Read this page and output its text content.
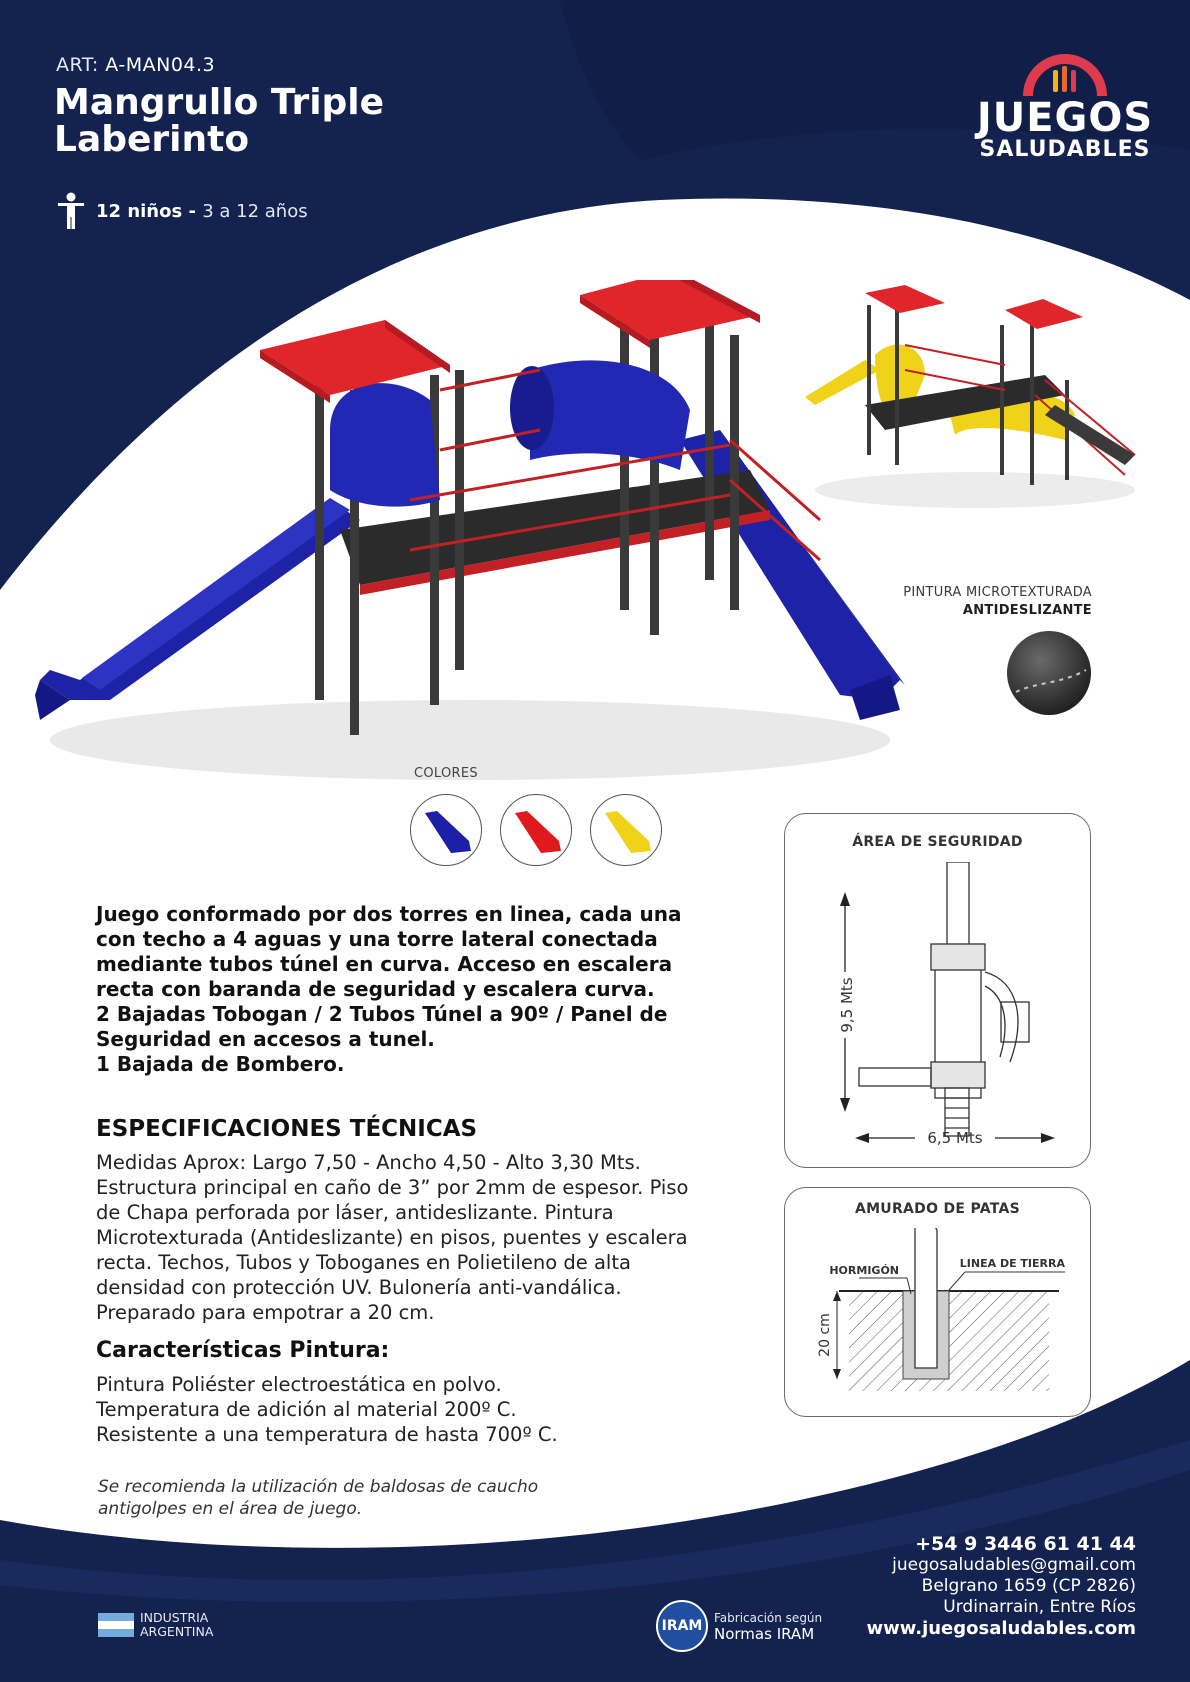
ART: A-MAN04.3
Mangrullo Triple
Laberinto
12 niños - 3 a 12 años
JUEGOS
SALUDABLES
PINTURA MICROTEXTURADA
ANTIDESLIZANTE
COLORES

Juego conformado por dos torres en linea, cada una con techo a 4 aguas y una torre lateral conectada mediante tubos túnel en curva. Acceso en escalera recta con baranda de seguridad y escalera curva.

2 Bajadas Tobogan / 2 Tubos Túnel a 90º / Panel de Seguridad en accesos a tunel.

1 Bajada de Bombero.

ESPECIFICACIONES TÉCNICAS
Medidas Aprox: Largo 7,50 - Ancho 4,50 - Alto 3,30 Mts. Estructura principal en caño de 3” por 2mm de espesor. Piso de Chapa perforada por láser, antideslizante. Pintura Microtexturada (Antideslizante) en pisos, puentes y escalera recta. Techos, Tubos y Toboganes en Polietileno de alta densidad con protección UV. Bulonería anti-vandálica. Preparado para empotrar a 20 cm.
Características Pintura:
Pintura Poliéster electroestática en polvo.
Temperatura de adición al material 200º C.
Resistente a una temperatura de hasta 700º C.
Se recomienda la utilización de baldosas de caucho antigolpes en el área de juego.
ÁREA DE SEGURIDAD
9,5 Mts
6,5 Mts
AMURADO DE PATAS
20 cm
HORMIGÓN
LINEA DE TIERRA
+54 9 3446 61 41 44
juegosaludables@gmail.com
Belgrano 1659 (CP 2826)
Urdinarrain, Entre Ríos
www.juegosaludables.com
INDUSTRIA
ARGENTINA	IRAM Fabricación según
Normas IRAM
